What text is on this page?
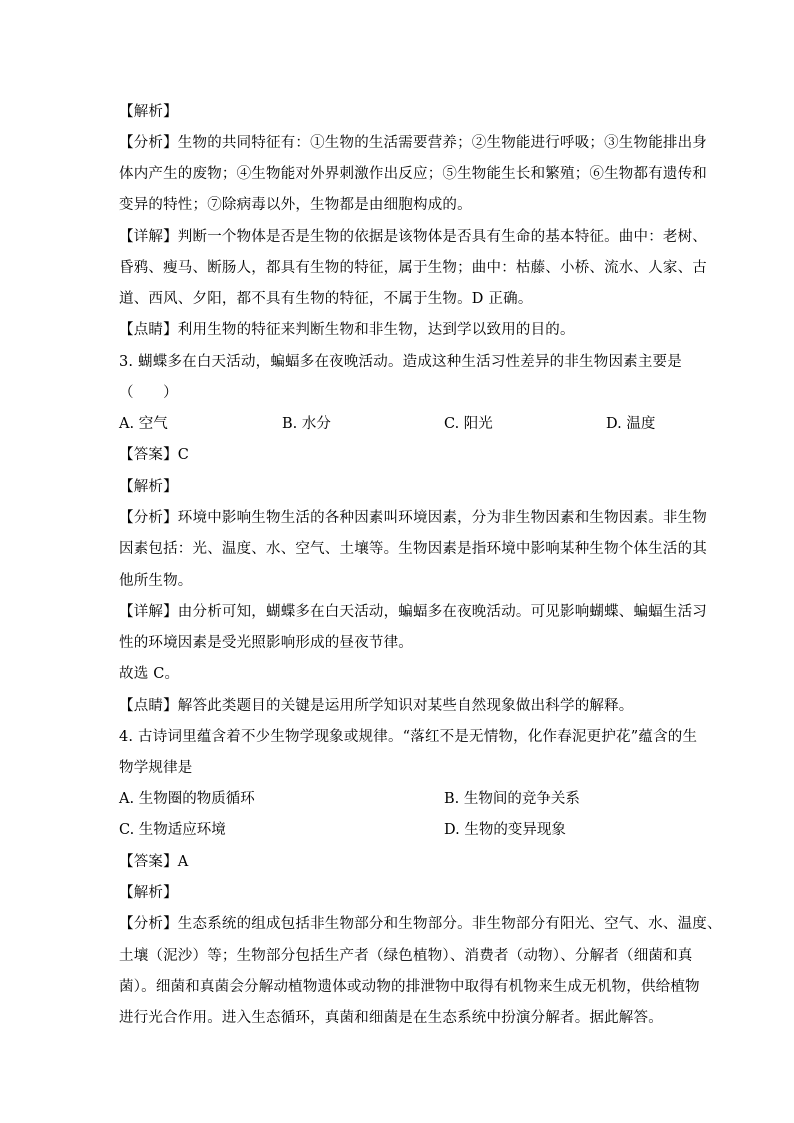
【解析】
【分析】生物的共同特征有：①生物的生活需要营养；②生物能进行呼吸；③生物能排出身
体内产生的废物；④生物能对外界刺激作出反应；⑤生物能生长和繁殖；⑥生物都有遗传和
变异的特性；⑦除病毒以外，生物都是由细胞构成的。
【详解】判断一个物体是否是生物的依据是该物体是否具有生命的基本特征。曲中：老树、
昏鸦、瘦马、断肠人，都具有生物的特征，属于生物；曲中：枯藤、小桥、流水、人家、古
道、西风、夕阳，都不具有生物的特征，不属于生物。D 正确。
【点睛】利用生物的特征来判断生物和非生物，达到学以致用的目的。
3. 蝴蝶多在白天活动，蝙蝠多在夜晚活动。造成这种生活习性差异的非生物因素主要是
（　　）
A. 空气	B. 水分	C. 阳光	D. 温度
【答案】C
【解析】
【分析】环境中影响生物生活的各种因素叫环境因素，分为非生物因素和生物因素。非生物
因素包括：光、温度、水、空气、土壤等。生物因素是指环境中影响某种生物个体生活的其
他所生物。
【详解】由分析可知，蝴蝶多在白天活动，蝙蝠多在夜晚活动。可见影响蝴蝶、蝙蝠生活习
性的环境因素是受光照影响形成的昼夜节律。
故选 C。
【点睛】解答此类题目的关键是运用所学知识对某些自然现象做出科学的解释。
4. 古诗词里蕴含着不少生物学现象或规律。“落红不是无情物，化作春泥更护花”蕴含的生
物学规律是
A. 生物圈的物质循环	B. 生物间的竞争关系
C. 生物适应环境	D. 生物的变异现象
【答案】A
【解析】
【分析】生态系统的组成包括非生物部分和生物部分。非生物部分有阳光、空气、水、温度、
土壤（泥沙）等；生物部分包括生产者（绿色植物）、消费者（动物）、分解者（细菌和真
菌）。细菌和真菌会分解动植物遗体或动物的排泄物中取得有机物来生成无机物，供给植物
进行光合作用。进入生态循环，真菌和细菌是在生态系统中扮演分解者。据此解答。
